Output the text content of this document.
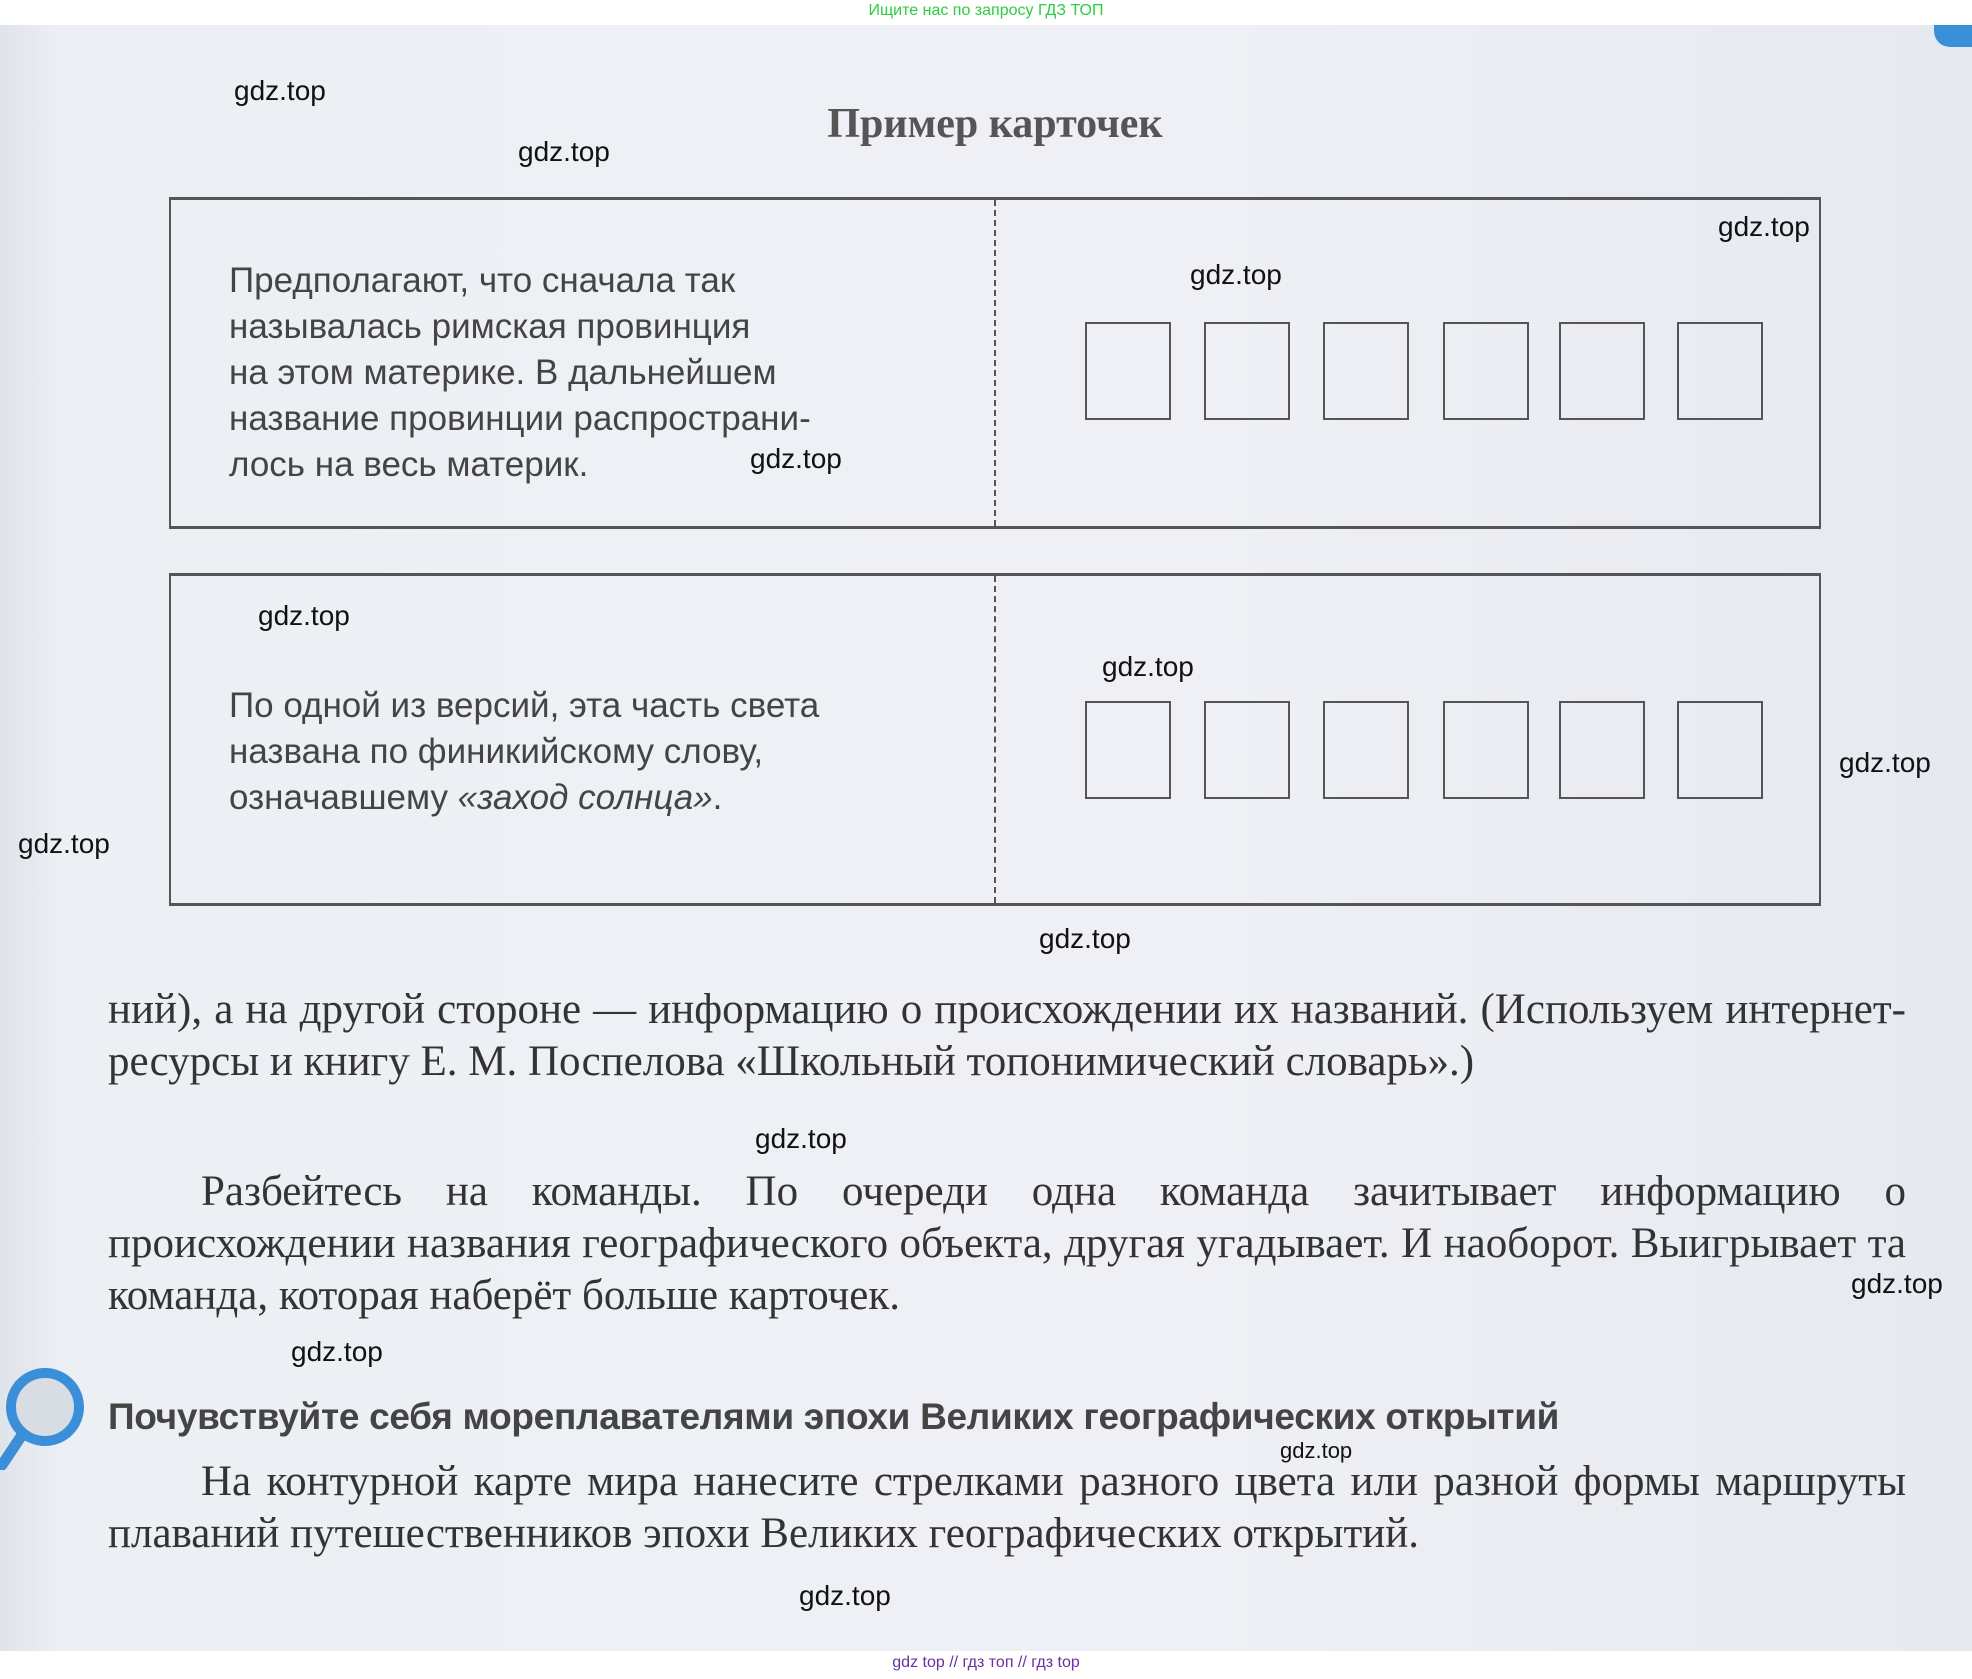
Ищите нас по запросу ГДЗ ТОП
Пример карточек
Предполагают, что сначала так
называлась римская провинция
на этом материке. В дальнейшем
название провинции распространи-
лось на весь материк.
По одной из версий, эта часть света
названа по финикийскому слову,
означавшему «заход солнца».
ний), а на другой стороне — информацию о происхождении их названий. (Используем интернет-ресурсы и книгу Е. М. Поспелова «Школьный топонимический словарь».)
Разбейтесь на команды. По очереди одна команда зачитывает информацию о происхождении названия географического объекта, другая угадывает. И наоборот. Выигрывает та команда, которая наберёт больше карточек.
Почувствуйте себя мореплавателями эпохи Великих географических открытий
На контурной карте мира нанесите стрелками разного цвета или разной формы маршруты плаваний путешественников эпохи Великих географических открытий.
gdz.top
gdz.top
gdz.top
gdz.top
gdz.top
gdz.top
gdz.top
gdz.top
gdz.top
gdz.top
gdz.top
gdz.top
gdz.top
gdz.top
gdz.top
gdz top // гдз топ // гдз top
